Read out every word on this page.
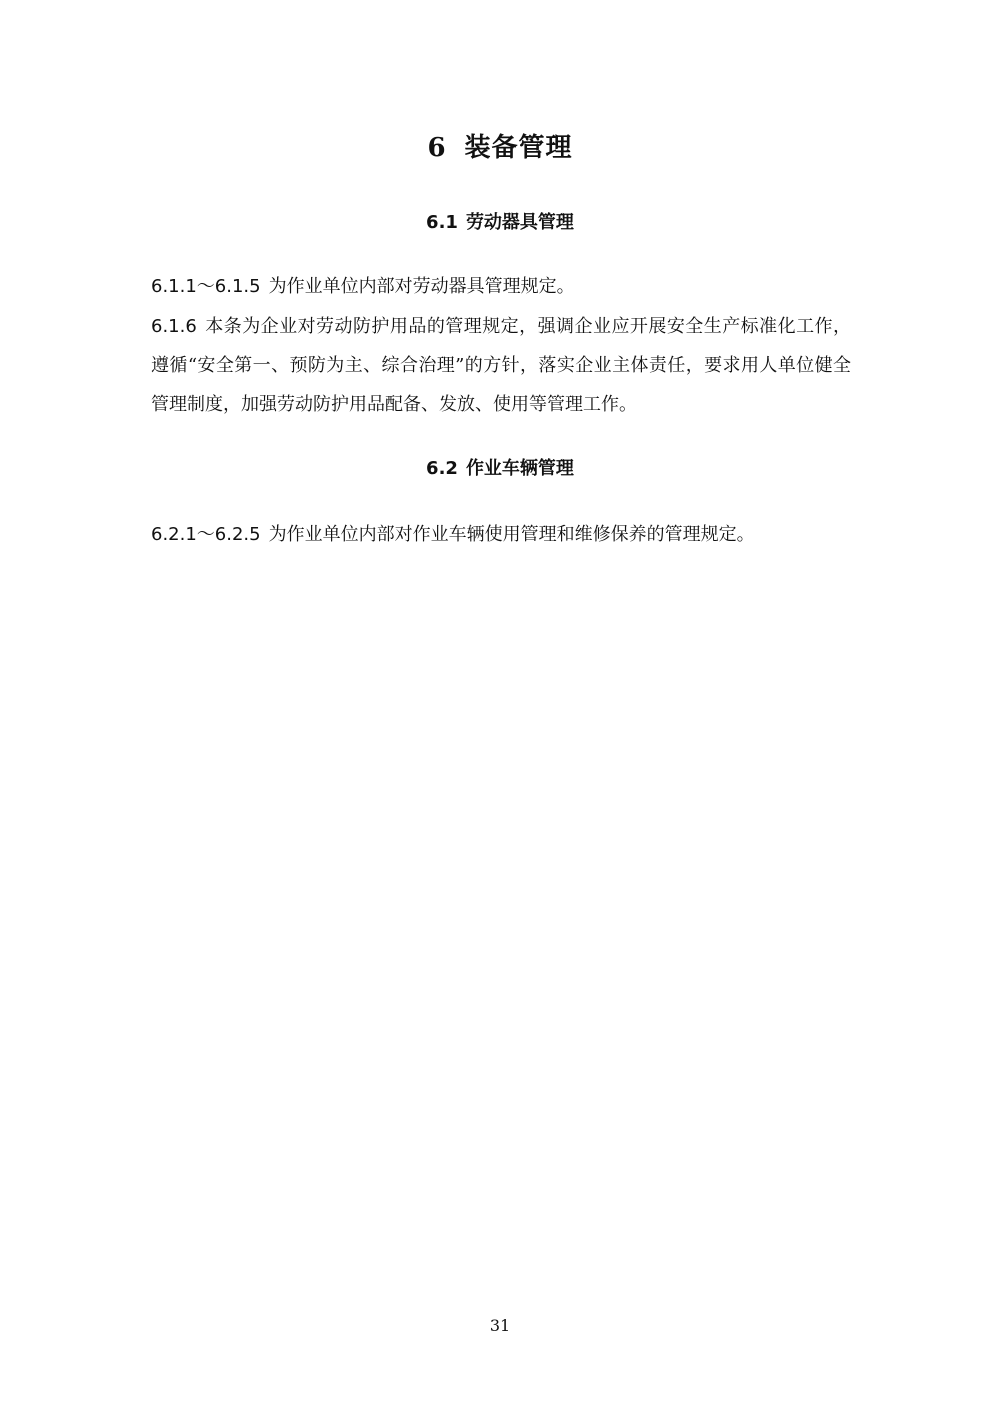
6 装备管理
6.1 劳动器具管理
6.1.1～6.1.5 为作业单位内部对劳动器具管理规定。
6.1.6 本条为企业对劳动防护用品的管理规定，强调企业应开展安全生产标准化工作，遵循“安全第一、预防为主、综合治理”的方针，落实企业主体责任，要求用人单位健全管理制度，加强劳动防护用品配备、发放、使用等管理工作。
6.2 作业车辆管理
6.2.1～6.2.5 为作业单位内部对作业车辆使用管理和维修保养的管理规定。
31
